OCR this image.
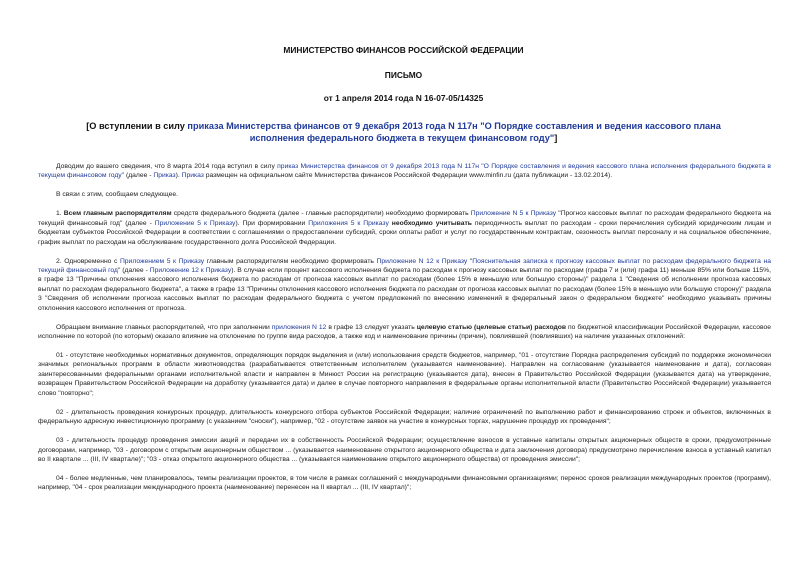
МИНИСТЕРСТВО ФИНАНСОВ РОССИЙСКОЙ ФЕДЕРАЦИИ
ПИСЬМО
от 1 апреля 2014 года N 16-07-05/14325
[О вступлении в силу приказа Министерства финансов от 9 декабря 2013 года N 117н "О Порядке составления и ведения кассового плана исполнения федерального бюджета в текущем финансовом году"]

Доводим до вашего сведения, что 8 марта 2014 года вступил в силу приказ Министерства финансов от 9 декабря 2013 года N 117н "О Порядке составления и ведения кассового плана исполнения федерального бюджета в текущем финансовом году" (далее - Приказ). Приказ размещен на официальном сайте Министерства финансов Российской Федерации www.minfin.ru (дата публикации - 13.02.2014).

В связи с этим, сообщаем следующее.

1. Всем главным распорядителям средств федерального бюджета (далее - главные распорядители) необходимо формировать Приложение N 5 к Приказу "Прогноз кассовых выплат по расходам федерального бюджета на текущий финансовый год" (далее - Приложение 5 к Приказу). При формировании Приложения 5 к Приказу необходимо учитывать периодичность выплат по расходам - сроки перечисления субсидий юридическим лицам и бюджетам субъектов Российской Федерации в соответствии с соглашениями о предоставлении субсидий, сроки оплаты работ и услуг по государственным контрактам, сезонность выплат персоналу и на социальное обеспечение, график выплат по расходам на обслуживание государственного долга Российской Федерации.

2. Одновременно с Приложением 5 к Приказу главным распорядителям необходимо формировать Приложение N 12 к Приказу "Пояснительная записка к прогнозу кассовых выплат по расходам федерального бюджета на текущий финансовый год" (далее - Приложение 12 к Приказу). В случае если процент кассового исполнения бюджета по расходам к прогнозу кассовых выплат по расходам (графа 7 и (или) графа 11) меньше 85% или больше 115%, в графе 13 "Причины отклонения кассового исполнения бюджета по расходам от прогноза кассовых выплат по расходам (более 15% в меньшую или большую стороны)" раздела 1 "Сведения об исполнении прогноза кассовых выплат по расходам федерального бюджета", а также в графе 13 "Причины отклонения кассового исполнения бюджета по расходам от прогноза кассовых выплат по расходам (более 15% в меньшую или большую сторону)" раздела 3 "Сведения об исполнении прогноза кассовых выплат по расходам федерального бюджета с учетом предложений по внесению изменений в федеральный закон о федеральном бюджете" необходимо указывать причины отклонения кассового исполнения от прогноза.

Обращаем внимание главных распорядителей, что при заполнении приложения N 12 в графе 13 следует указать целевую статью (целевые статьи) расходов по бюджетной классификации Российской Федерации, кассовое исполнение по которой (по которым) оказало влияние на отклонение по группе вида расходов, а также код и наименование причины (причин), повлиявшей (повлиявших) на наличие указанных отклонений:

01 - отсутствие необходимых нормативных документов, определяющих порядок выделения и (или) использования средств бюджетов, например, "01 - отсутствие Порядка распределения субсидий по поддержке экономически значимых региональных программ в области животноводства (разрабатывается ответственным исполнителем (указывается наименование). Направлен на согласование (указывается наименование и дата), согласован заинтересованными федеральными органами исполнительной власти и направлен в Минюст России на регистрацию (указывается дата), внесен в Правительство Российской Федерации (указывается дата) на утверждение, возвращен Правительством Российской Федерации на доработку (указывается дата) и далее в случае повторного направления в федеральные органы исполнительной власти (Правительство Российской Федерации) указывается слово "повторно";

02 - длительность проведения конкурсных процедур, длительность конкурсного отбора субъектов Российской Федерации; наличие ограничений по выполнению работ и финансированию строек и объектов, включенных в федеральную адресную инвестиционную программу (с указанием "сноски"), например, "02 - отсутствие заявок на участие в конкурсных торгах, нарушение процедур их проведения";

03 - длительность процедур проведения эмиссии акций и передачи их в собственность Российской Федерации; осуществление взносов в уставные капиталы открытых акционерных обществ в сроки, предусмотренные договорами, например, "03 - договором с открытым акционерным обществом ... (указывается наименование открытого акционерного общества и дата заключения договора) предусмотрено перечисление взноса в уставный капитал во II квартале ... (III, IV квартале)"; "03 - отказ открытого акционерного общества ... (указывается наименование открытого акционерного общества) от проведения эмиссии";

04 - более медленные, чем планировалось, темпы реализации проектов, в том числе в рамках соглашений с международными финансовыми организациями; перенос сроков реализации международных проектов (программ), например, "04 - срок реализации международного проекта (наименование) перенесен на II квартал ... (III, IV квартал)";
